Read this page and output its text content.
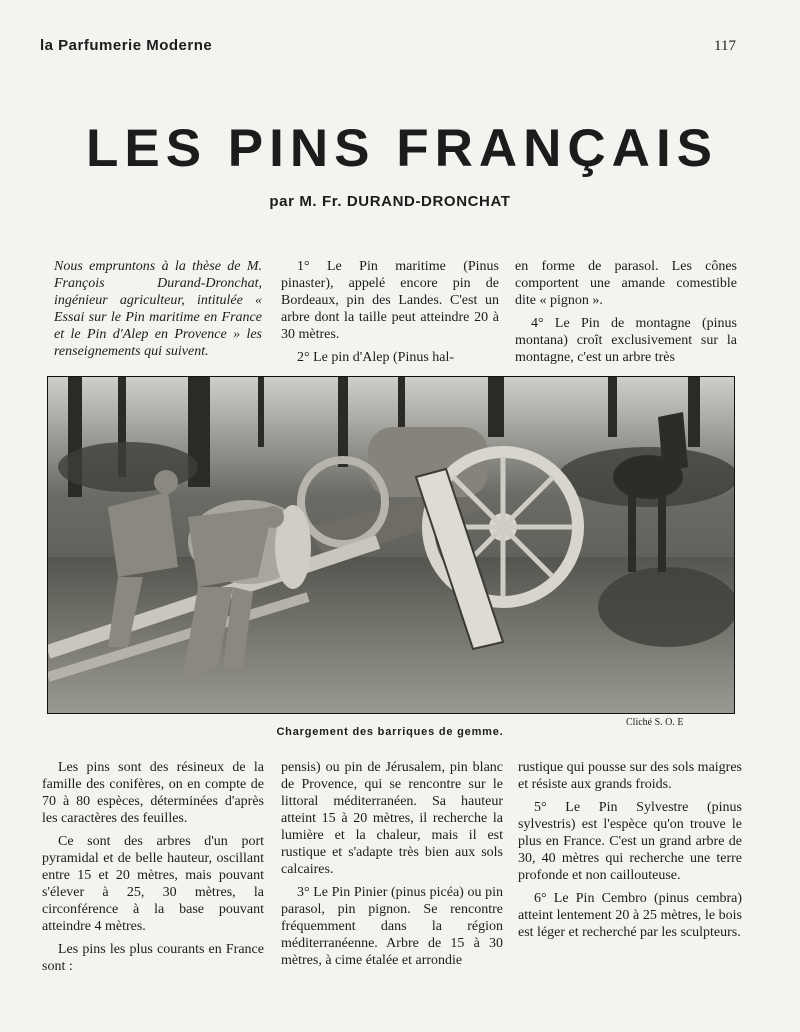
la Parfumerie Moderne	117
LES PINS FRANÇAIS
par M. Fr. DURAND-DRONCHAT

Nous empruntons à la thèse de M. François Durand-Dronchat, ingénieur agriculteur, intitulée « Essai sur le Pin maritime en France et le Pin d'Alep en Provence » les renseignements qui suivent.

1° Le Pin maritime (Pinus pinaster), appelé encore pin de Bordeaux, pin des Landes. C'est un arbre dont la taille peut atteindre 20 à 30 mètres.

2° Le pin d'Alep (Pinus hal-

en forme de parasol. Les cônes comportent une amande comestible dite « pignon ».

4° Le Pin de montagne (pinus montana) croît exclusivement sur la montagne, c'est un arbre très

Cliché S. O. E
Chargement des barriques de gemme.

Les pins sont des résineux de la famille des conifères, on en compte de 70 à 80 espèces, déterminées d'après les caractères des feuilles.

Ce sont des arbres d'un port pyramidal et de belle hauteur, oscillant entre 15 et 20 mètres, mais pouvant s'élever à 25, 30 mètres, la circonférence à la base pouvant atteindre 4 mètres.

Les pins les plus courants en France sont :

pensis) ou pin de Jérusalem, pin blanc de Provence, qui se rencontre sur le littoral méditerranéen. Sa hauteur atteint 15 à 20 mètres, il recherche la lumière et la chaleur, mais il est rustique et s'adapte très bien aux sols calcaires.

3° Le Pin Pinier (pinus picéa) ou pin parasol, pin pignon. Se rencontre fréquemment dans la région méditerranéenne. Arbre de 15 à 30 mètres, à cime étalée et arrondie

rustique qui pousse sur des sols maigres et résiste aux grands froids.

5° Le Pin Sylvestre (pinus sylvestris) est l'espèce qu'on trouve le plus en France. C'est un grand arbre de 30, 40 mètres qui recherche une terre profonde et non caillouteuse.

6° Le Pin Cembro (pinus cembra) atteint lentement 20 à 25 mètres, le bois est léger et recherché par les sculpteurs.
